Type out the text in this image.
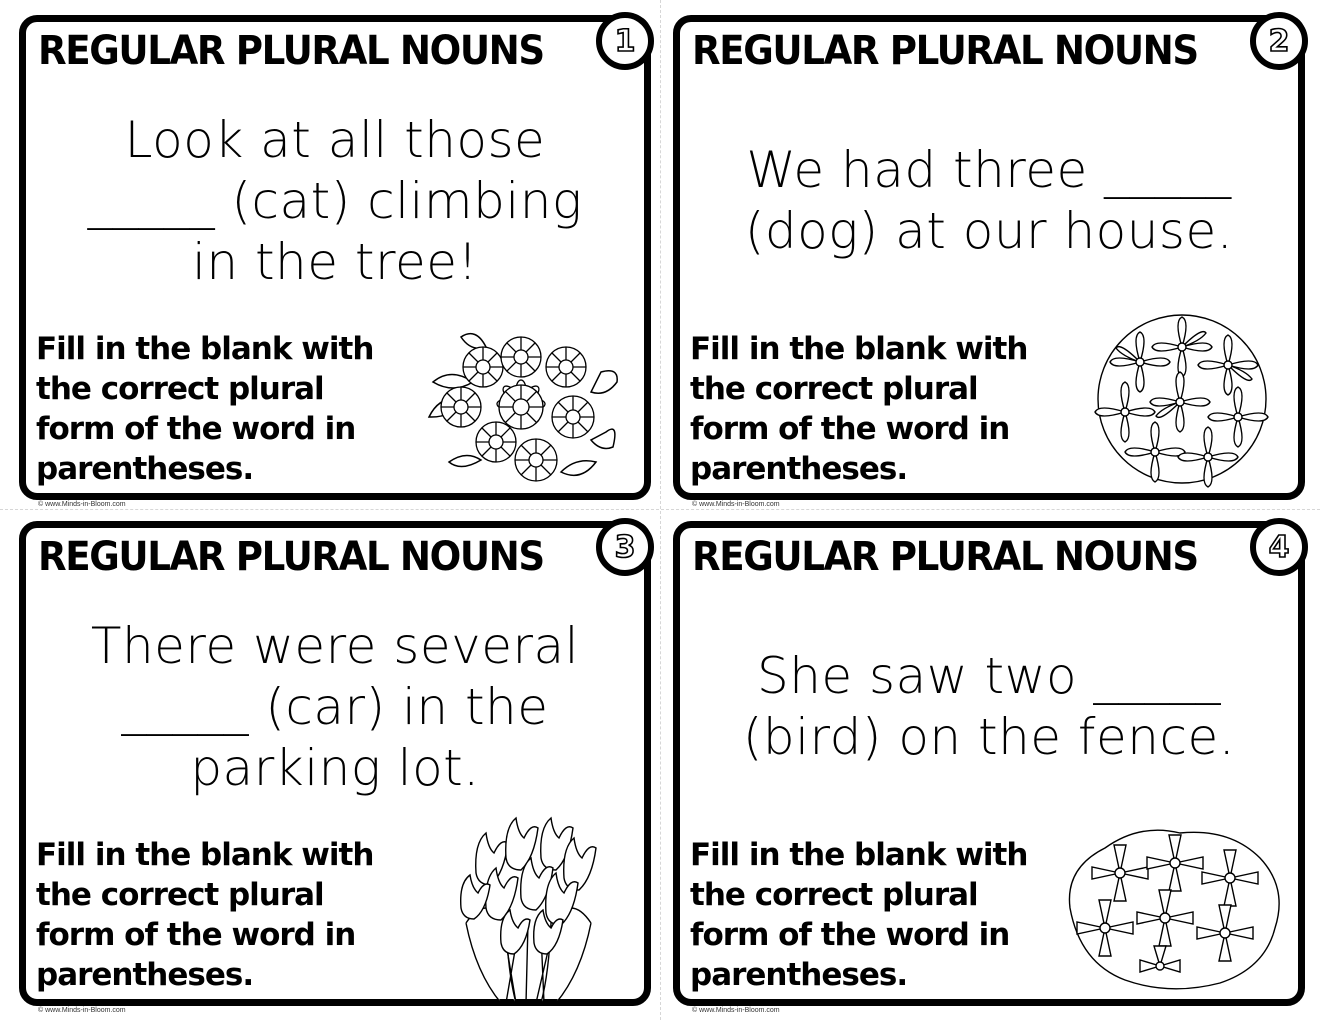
REGULAR PLURAL NOUNS 1

Look at all those
_____ (cat) climbing
in the tree!

Fill in the blank with
the correct plural
form of the word in
parentheses.

© www.Minds-in-Bloom.com
REGULAR PLURAL NOUNS 2

We had three _____
(dog) at our house.

Fill in the blank with
the correct plural
form of the word in
parentheses.

© www.Minds-in-Bloom.com
REGULAR PLURAL NOUNS 3

There were several
_____ (car) in the
parking lot.

Fill in the blank with
the correct plural
form of the word in
parentheses.

© www.Minds-in-Bloom.com
REGULAR PLURAL NOUNS 4

She saw two _____
(bird) on the fence.

Fill in the blank with
the correct plural
form of the word in
parentheses.

© www.Minds-in-Bloom.com
